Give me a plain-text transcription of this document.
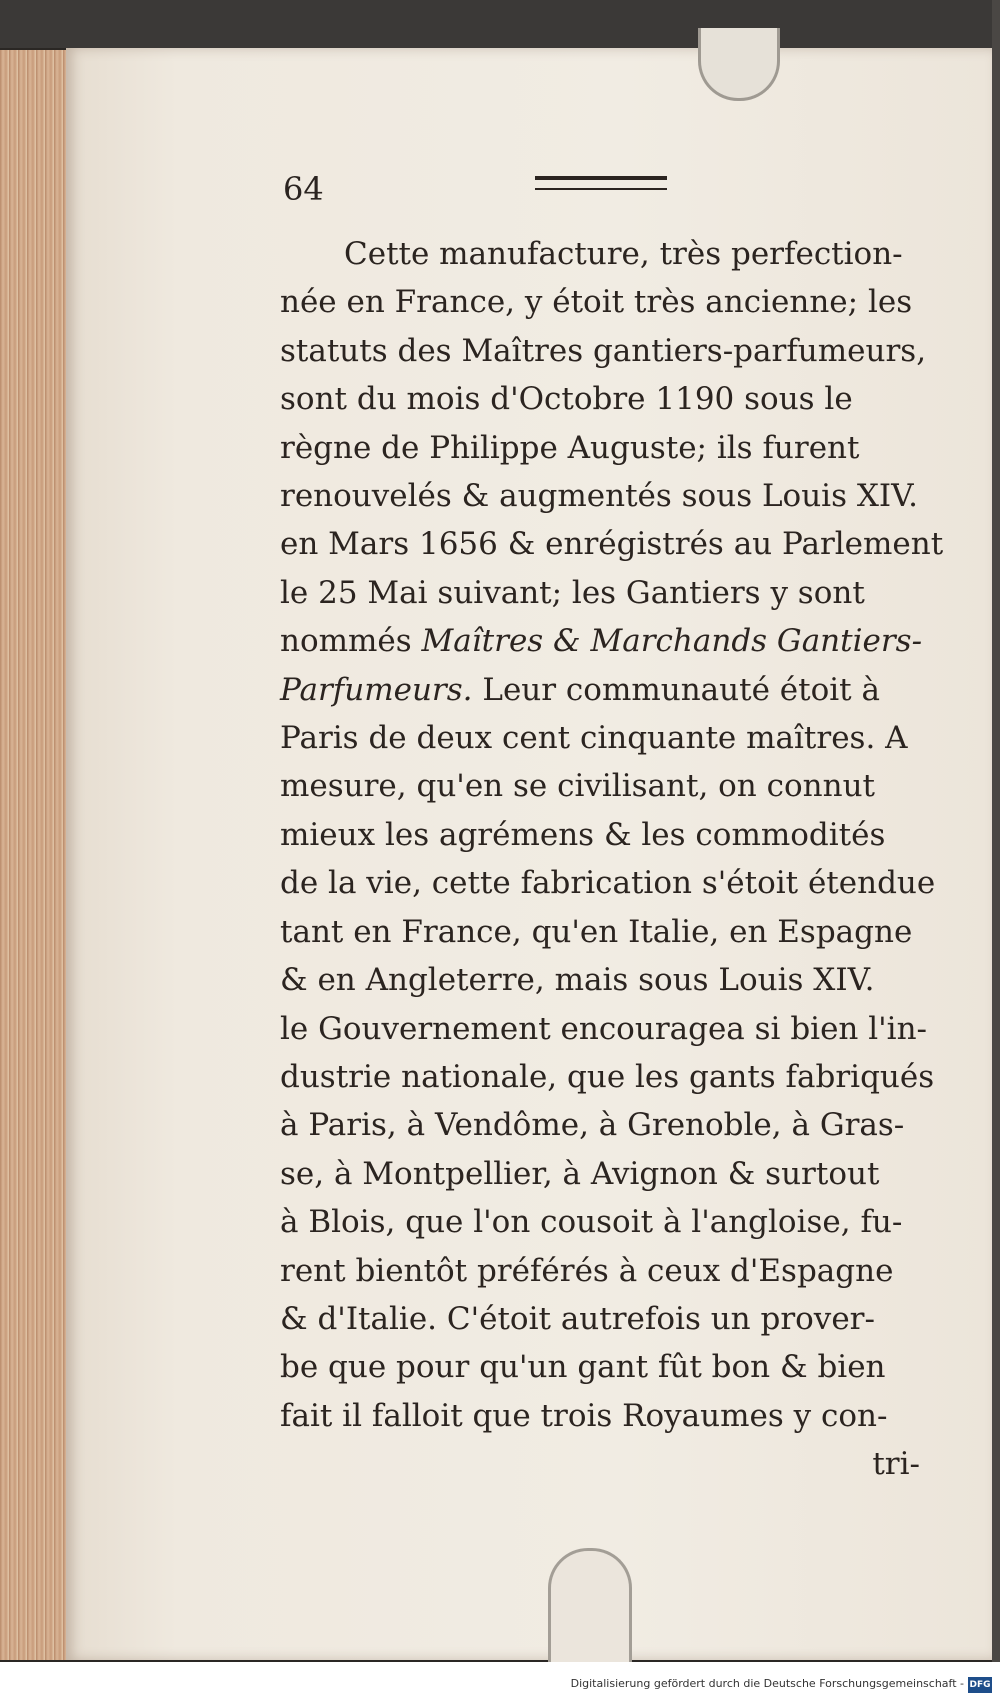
64
Cette manufacture, très perfection-
née en France, y étoit très ancienne; les
statuts des Maîtres gantiers-parfumeurs,
sont du mois d'Octobre 1190 sous le
règne de Philippe Auguste; ils furent
renouvelés & augmentés sous Louis XIV.
en Mars 1656 & enrégistrés au Parlement
le 25 Mai suivant; les Gantiers y sont
nommés Maîtres & Marchands Gantiers-
Parfumeurs. Leur communauté étoit à
Paris de deux cent cinquante maîtres. A
mesure, qu'en se civilisant, on connut
mieux les agrémens & les commodités
de la vie, cette fabrication s'étoit étendue
tant en France, qu'en Italie, en Espagne
& en Angleterre, mais sous Louis XIV.
le Gouvernement encouragea si bien l'in-
dustrie nationale, que les gants fabriqués
à Paris, à Vendôme, à Grenoble, à Gras-
se, à Montpellier, à Avignon & surtout
à Blois, que l'on cousoit à l'angloise, fu-
rent bientôt préférés à ceux d'Espagne
& d'Italie. C'étoit autrefois un prover-
be que pour qu'un gant fût bon & bien
fait il falloit que trois Royaumes y con-
tri-
Digitalisierung gefördert durch die Deutsche Forschungsgemeinschaft - DFG
